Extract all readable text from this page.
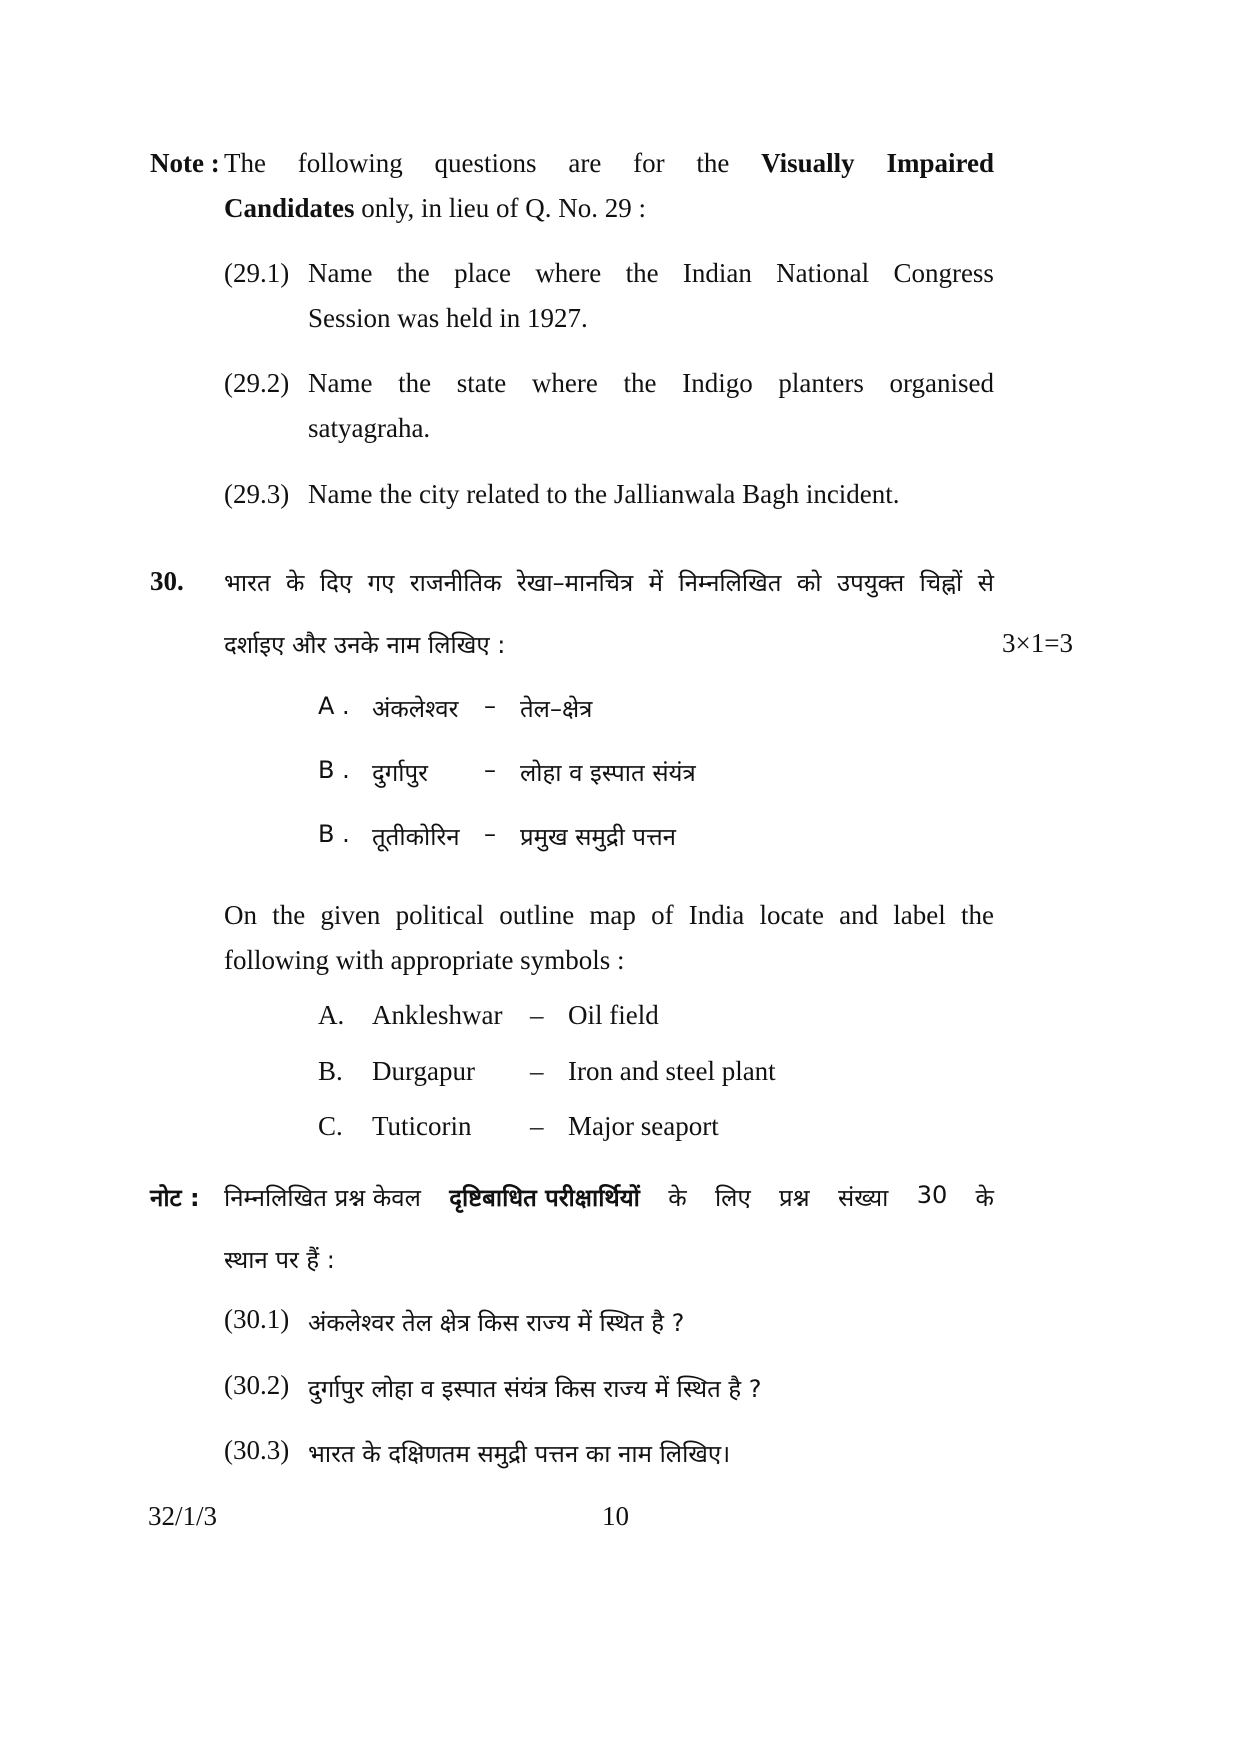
Note : The following questions are for the Visually Impaired
Candidates only, in lieu of Q. No. 29 :
(29.1) Name the place where the Indian National Congress
Session was held in 1927.
(29.2) Name the state where the Indigo planters organised
satyagraha.
(29.3) Name the city related to the Jallianwala Bagh incident.
30. भारत के दिए गए राजनीतिक रेखा–मानचित्र में निम्नलिखित को उपयुक्त चिह्नों से
दर्शाइए और उनके नाम लिखिए :	3×1=3
A . अंकलेश्वर – तेल–क्षेत्र
B . दुर्गापुर – लोहा व इस्पात संयंत्र
B . तूतीकोरिन – प्रमुख समुद्री पत्तन
On the given political outline map of India locate and label the
following with appropriate symbols :
A. Ankleshwar – Oil field
B. Durgapur – Iron and steel plant
C. Tuticorin – Major seaport
नोट : निम्नलिखित प्रश्न केवल दृष्टिबाधित परीक्षार्थियों के लिए प्रश्न संख्या 30 के
स्थान पर हैं :
(30.1) अंकलेश्वर तेल क्षेत्र किस राज्य में स्थित है ?
(30.2) दुर्गापुर लोहा व इस्पात संयंत्र किस राज्य में स्थित है ?
(30.3) भारत के दक्षिणतम समुद्री पत्तन का नाम लिखिए।
32/1/3	10
